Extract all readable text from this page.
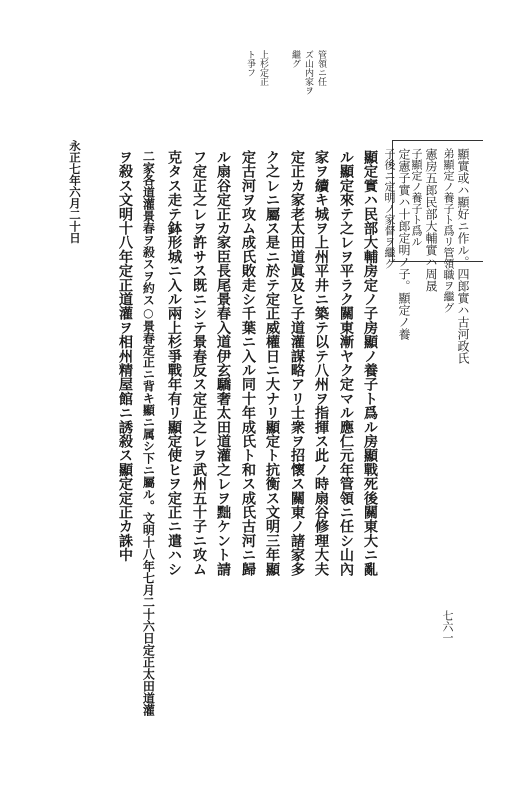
管領ニ任
ズ山内家ヲ
繼グ
上杉定正
ト爭フ
顯實或ハ顯好ニ作ル。四郎實ハ古河政氏
弟顯定ノ養子ト爲リ管領職ヲ繼グ
憲房五郎民部大輔實ハ周晟
子顯定ノ養子ト爲ル
定憲子實ハ十郎定明ノ子。顯定ノ養
子後ニ定明ノ家督ヲ繼グ
顯定實ハ民部大輔房定ノ子房顯ノ養子ト爲ル房顯戰死後關東大ニ亂
ル顯定來テ之レヲ平ラク關東漸ヤク定マル應仁元年管領ニ任シ山內
家ヲ續キ城ヲ上州平井ニ築テ以テ八州ヲ指揮ス此ノ時扇谷修理大夫
定正カ家老太田道眞及ヒ子道灌謀略アリ士衆ヲ招懷ス關東ノ諸家多
ク之レニ屬ス是ニ於テ定正威權日ニ大ナリ顯定ト抗衡ス文明三年顯
定古河ヲ攻ム成氏敗走シ千葉ニ入ル同十年成氏ト和ス成氏古河ニ歸
ル扇谷定正カ家臣長尾景春入道伊玄驕奢太田道灌之レヲ黜ケント請
フ定正之レヲ許サス既ニシテ景春反ス定正之レヲ武州五十子ニ攻ム
克タス走テ鉢形城ニ入ル兩上杉爭戰年有リ顯定使ヒヲ定正ニ遣ハシ
二家各道灌景春ヲ殺スヲ約ス○景春定正ニ背キ顯ニ属シ下ニ屬ル。文明十八年七月二十六日定正太田道灌
ヲ殺ス文明十八年定正道灌ヲ相州精屋館ニ誘殺ス顯定定正カ誅中
永正七年六月二十日
七六一
